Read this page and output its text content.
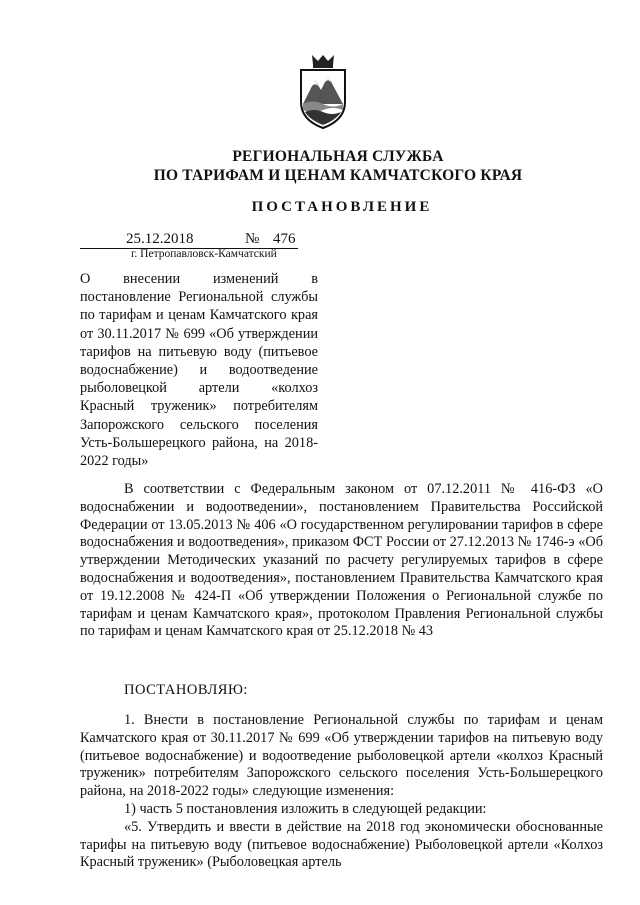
РЕГИОНАЛЬНАЯ СЛУЖБА
ПО ТАРИФАМ И ЦЕНАМ КАМЧАТСКОГО КРАЯ
ПОСТАНОВЛЕНИЕ
25.12.2018	№ 476
г. Петропавловск-Камчатский
О внесении изменений в постановление Региональной службы по тарифам и ценам Камчатского края от 30.11.2017 № 699 «Об утверждении тарифов на питьевую воду (питьевое водоснабжение) и водоотведение рыболовецкой артели «колхоз Красный труженик» потребителям Запорожского сельского поселения Усть-Большерецкого района, на 2018-2022 годы»

В соответствии с Федеральным законом от 07.12.2011 № 416-ФЗ «О водоснабжении и водоотведении», постановлением Правительства Российской Федерации от 13.05.2013 № 406 «О государственном регулировании тарифов в сфере водоснабжения и водоотведения», приказом ФСТ России от 27.12.2013 № 1746-э «Об утверждении Методических указаний по расчету регулируемых тарифов в сфере водоснабжения и водоотведения», постановлением Правительства Камчатского края от 19.12.2008 № 424-П «Об утверждении Положения о Региональной службе по тарифам и ценам Камчатского края», протоколом Правления Региональной службы по тарифам и ценам Камчатского края от 25.12.2018 № 43

ПОСТАНОВЛЯЮ:

1. Внести в постановление Региональной службы по тарифам и ценам Камчатского края от 30.11.2017 № 699 «Об утверждении тарифов на питьевую воду (питьевое водоснабжение) и водоотведение рыболовецкой артели «колхоз Красный труженик» потребителям Запорожского сельского поселения Усть-Большерецкого района, на 2018-2022 годы» следующие изменения:

1) часть 5 постановления изложить в следующей редакции:

«5. Утвердить и ввести в действие на 2018 год экономически обоснованные тарифы на питьевую воду (питьевое водоснабжение) Рыболовецкой артели «Колхоз Красный труженик» (Рыболовецкая артель
